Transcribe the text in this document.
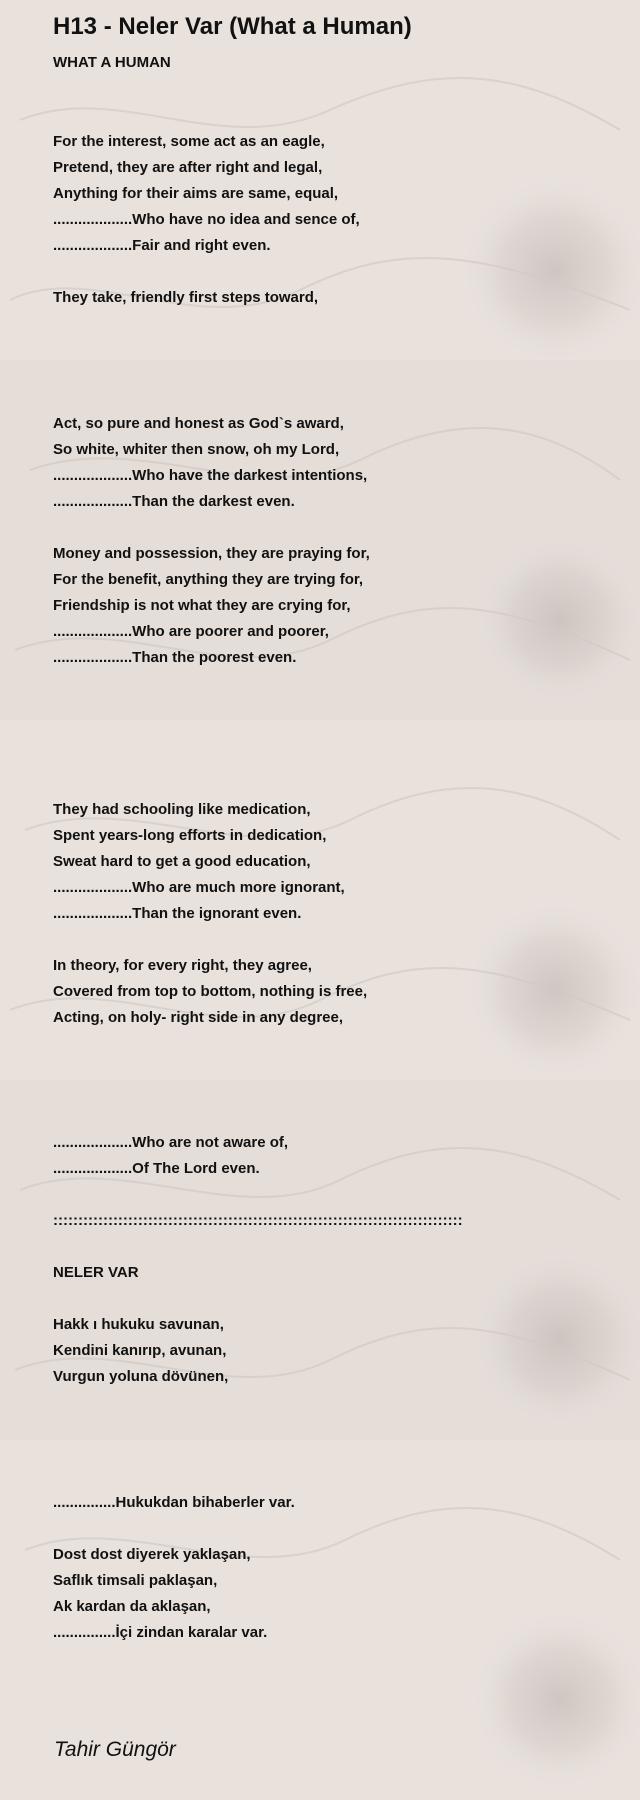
H13 - Neler Var (What a Human)
WHAT A HUMAN
For the interest, some act as an eagle,
Pretend, they are after right and legal,
Anything for their aims are same, equal,
...................Who have no idea and sence of,
...................Fair and right even.
They take, friendly first steps toward,
Act, so pure and honest as God`s award,
So white, whiter then snow, oh my Lord,
...................Who have the darkest intentions,
...................Than the darkest even.
Money and possession, they are praying for,
For the benefit, anything they are trying for,
Friendship is not what they are crying for,
...................Who are poorer and poorer,
...................Than the poorest even.
They had schooling like medication,
Spent years-long efforts in dedication,
Sweat hard to get a good education,
...................Who are much more ignorant,
...................Than the ignorant even.
In theory, for every right, they agree,
Covered from top to bottom, nothing is free,
Acting, on holy- right side in any degree,
...................Who are not aware of,
...................Of The Lord even.
::::::::::::::::::::::::::::::::::::::::::::::::::::::::::::::::::::::::::::::::::
NELER VAR
Hakk ı hukuku savunan,
Kendini kanırıp, avunan,
Vurgun yoluna dövünen,
...............Hukukdan bihaberler var.
Dost dost diyerek yaklaşan,
Saflık timsali paklaşan,
Ak kardan da aklaşan,
...............İçi zindan karalar var.

Tahir Güngör
